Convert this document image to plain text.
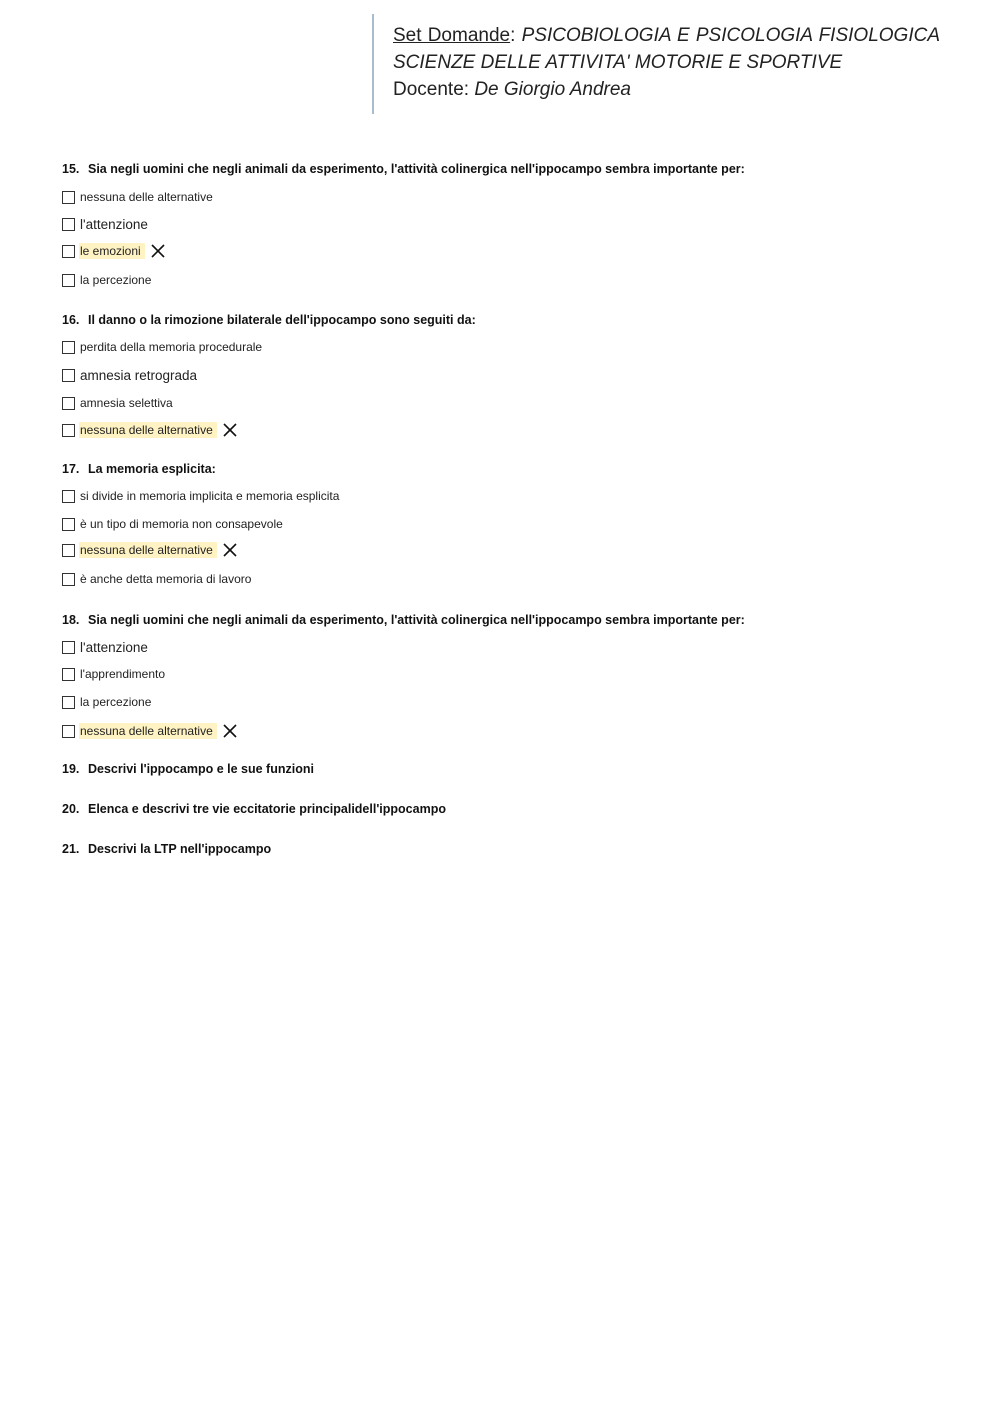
Set Domande: PSICOBIOLOGIA E PSICOLOGIA FISIOLOGICA
SCIENZE DELLE ATTIVITA' MOTORIE E SPORTIVE
Docente: De Giorgio Andrea
15. Sia negli uomini che negli animali da esperimento, l'attività colinergica nell'ippocampo sembra importante per:
nessuna delle alternative
l'attenzione
le emozioni
la percezione
16. Il danno o la rimozione bilaterale dell'ippocampo sono seguiti da:
perdita della memoria procedurale
amnesia retrograda
amnesia selettiva
nessuna delle alternative
17. La memoria esplicita:
si divide in memoria implicita e memoria esplicita
è un tipo di memoria non consapevole
nessuna delle alternative
è anche detta memoria di lavoro
18. Sia negli uomini che negli animali da esperimento, l'attività colinergica nell'ippocampo sembra importante per:
l'attenzione
l'apprendimento
la percezione
nessuna delle alternative
19. Descrivi l'ippocampo e le sue funzioni
20. Elenca e descrivi tre vie eccitatorie principalidell'ippocampo
21. Descrivi la LTP nell'ippocampo
